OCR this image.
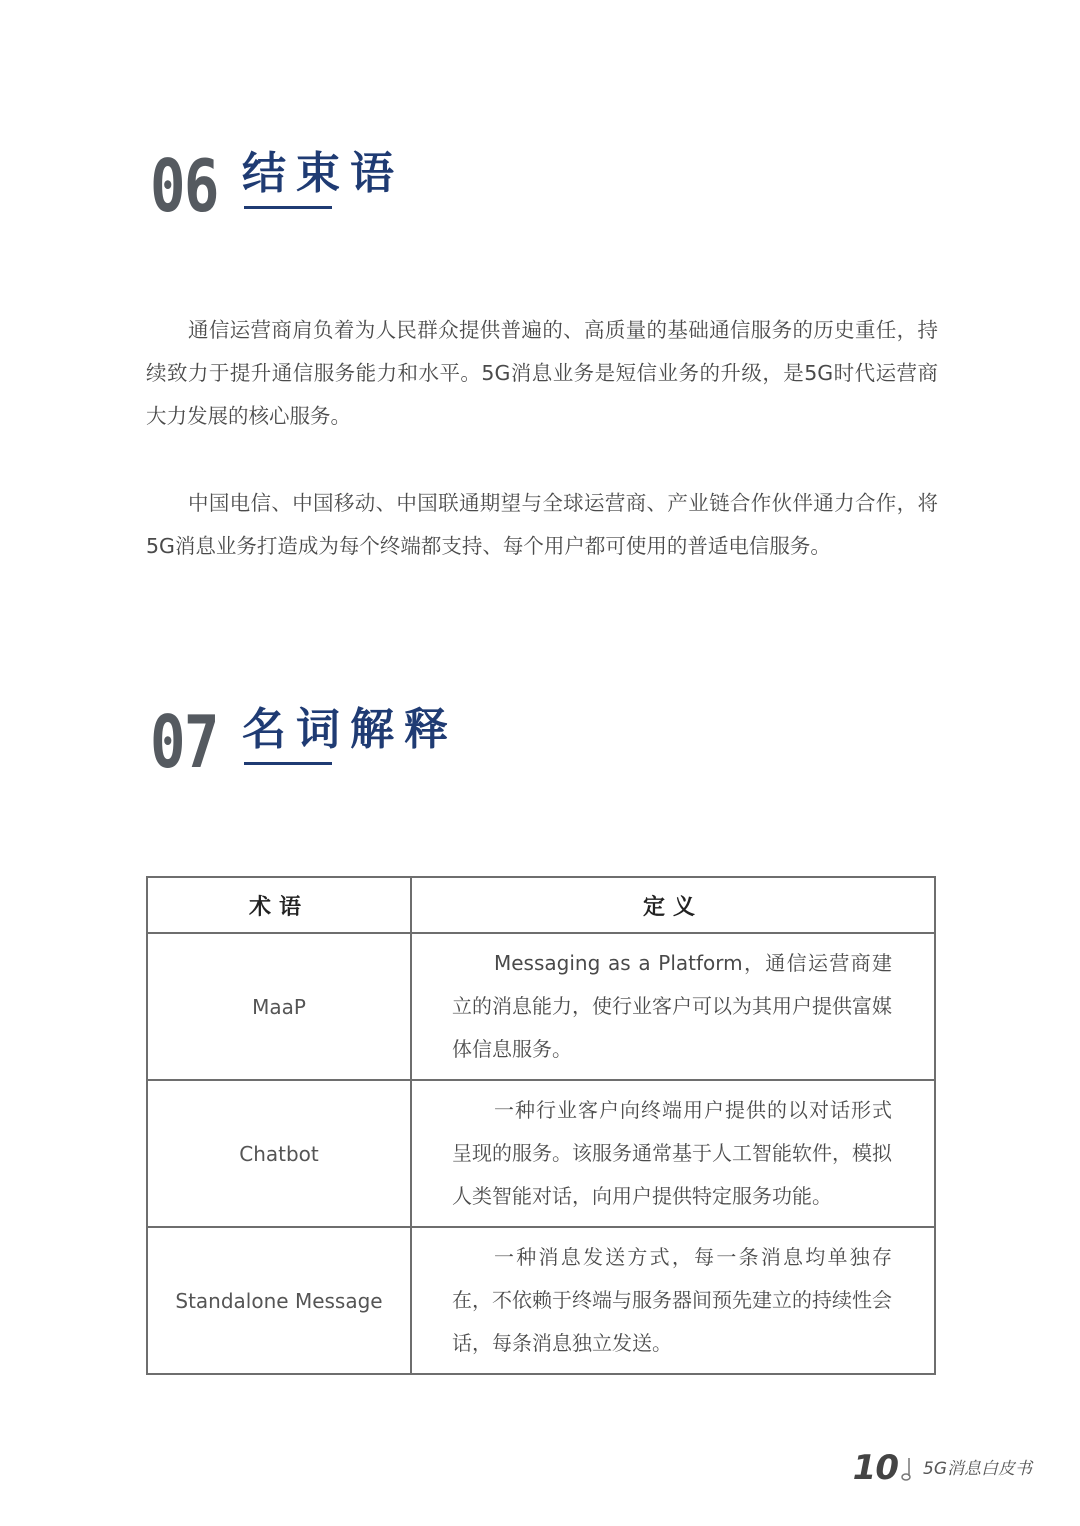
06 结束语

通信运营商肩负着为人民群众提供普遍的、高质量的基础通信服务的历史重任，持续致力于提升通信服务能力和水平。5G消息业务是短信业务的升级，是5G时代运营商大力发展的核心服务。

中国电信、中国移动、中国联通期望与全球运营商、产业链合作伙伴通力合作，将5G消息业务打造成为每个终端都支持、每个用户都可使用的普适电信服务。

07 名词解释
术语	定义
MaaP	Messaging as a Platform，通信运营商建立的消息能力，使行业客户可以为其用户提供富媒体信息服务。
Chatbot	一种行业客户向终端用户提供的以对话形式呈现的服务。该服务通常基于人工智能软件，模拟人类智能对话，向用户提供特定服务功能。
Standalone Message	一种消息发送方式，每一条消息均单独存在，不依赖于终端与服务器间预先建立的持续性会话，每条消息独立发送。
10 5G消息白皮书
